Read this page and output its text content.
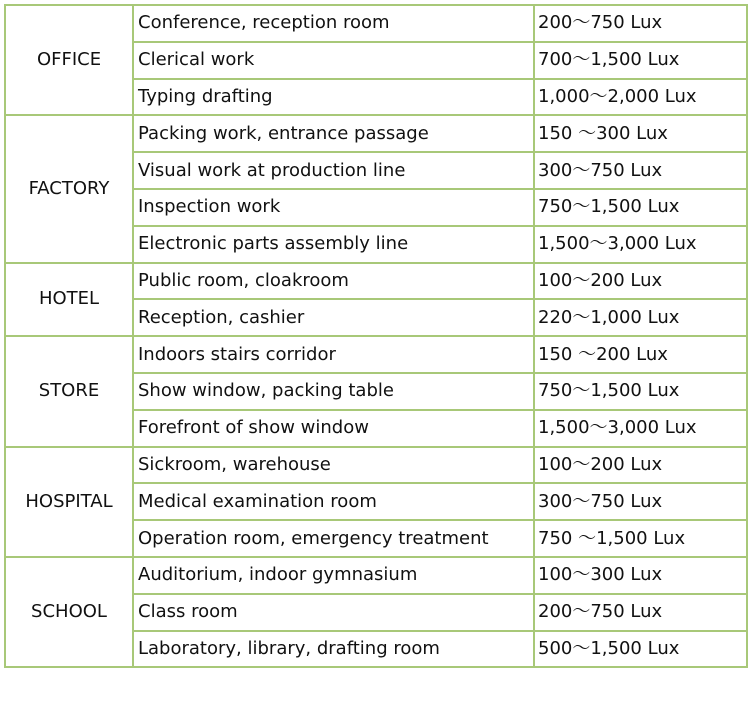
OFFICE	Conference, reception room	200～750 Lux
	Clerical work	700～1,500 Lux
	Typing drafting	1,000～2,000 Lux
FACTORY	Packing work, entrance passage	150 ～300 Lux
	Visual work at production line	300～750 Lux
	Inspection work	750～1,500 Lux
	Electronic parts assembly line	1,500～3,000 Lux
HOTEL	Public room, cloakroom	100～200 Lux
	Reception, cashier	220～1,000 Lux
STORE	Indoors stairs corridor	150 ～200 Lux
	Show window, packing table	750～1,500 Lux
	Forefront of show window	1,500～3,000 Lux
HOSPITAL	Sickroom, warehouse	100～200 Lux
	Medical examination room	300～750 Lux
	Operation room, emergency treatment	750 ～1,500 Lux
SCHOOL	Auditorium, indoor gymnasium	100～300 Lux
	Class room	200～750 Lux
	Laboratory, library, drafting room	500～1,500 Lux
